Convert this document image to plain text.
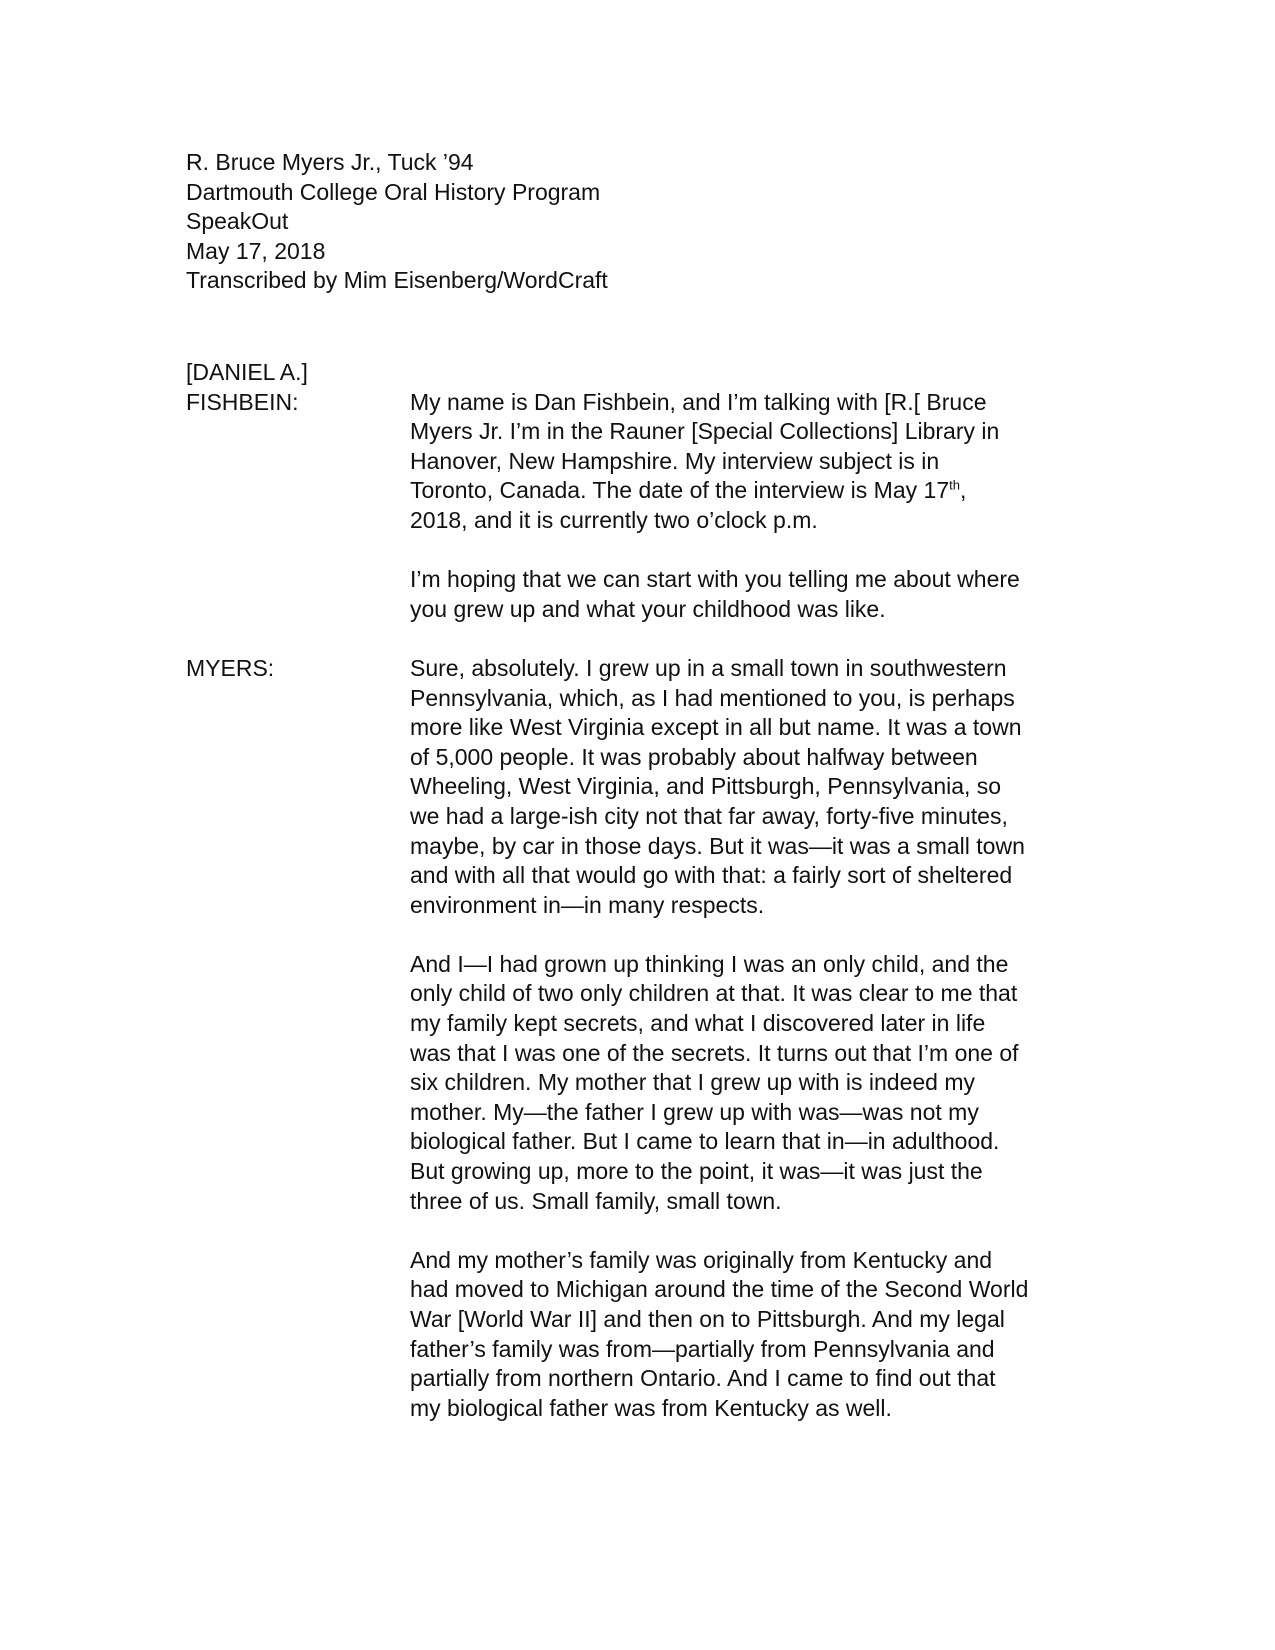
R. Bruce Myers Jr., Tuck ’94
Dartmouth College Oral History Program
SpeakOut
May 17, 2018
Transcribed by Mim Eisenberg/WordCraft
[DANIEL A.]
FISHBEIN:	My name is Dan Fishbein, and I’m talking with [R.[ Bruce
Myers Jr. I’m in the Rauner [Special Collections] Library in
Hanover, New Hampshire. My interview subject is in
Toronto, Canada. The date of the interview is May 17th,
2018, and it is currently two o’clock p.m.
I’m hoping that we can start with you telling me about where
you grew up and what your childhood was like.
MYERS:	Sure, absolutely. I grew up in a small town in southwestern
Pennsylvania, which, as I had mentioned to you, is perhaps
more like West Virginia except in all but name. It was a town
of 5,000 people. It was probably about halfway between
Wheeling, West Virginia, and Pittsburgh, Pennsylvania, so
we had a large-ish city not that far away, forty-five minutes,
maybe, by car in those days. But it was—it was a small town
and with all that would go with that: a fairly sort of sheltered
environment in—in many respects.
And I—I had grown up thinking I was an only child, and the
only child of two only children at that. It was clear to me that
my family kept secrets, and what I discovered later in life
was that I was one of the secrets. It turns out that I’m one of
six children. My mother that I grew up with is indeed my
mother. My—the father I grew up with was—was not my
biological father. But I came to learn that in—in adulthood.
But growing up, more to the point, it was—it was just the
three of us. Small family, small town.
And my mother’s family was originally from Kentucky and
had moved to Michigan around the time of the Second World
War [World War II] and then on to Pittsburgh. And my legal
father’s family was from—partially from Pennsylvania and
partially from northern Ontario. And I came to find out that
my biological father was from Kentucky as well.
